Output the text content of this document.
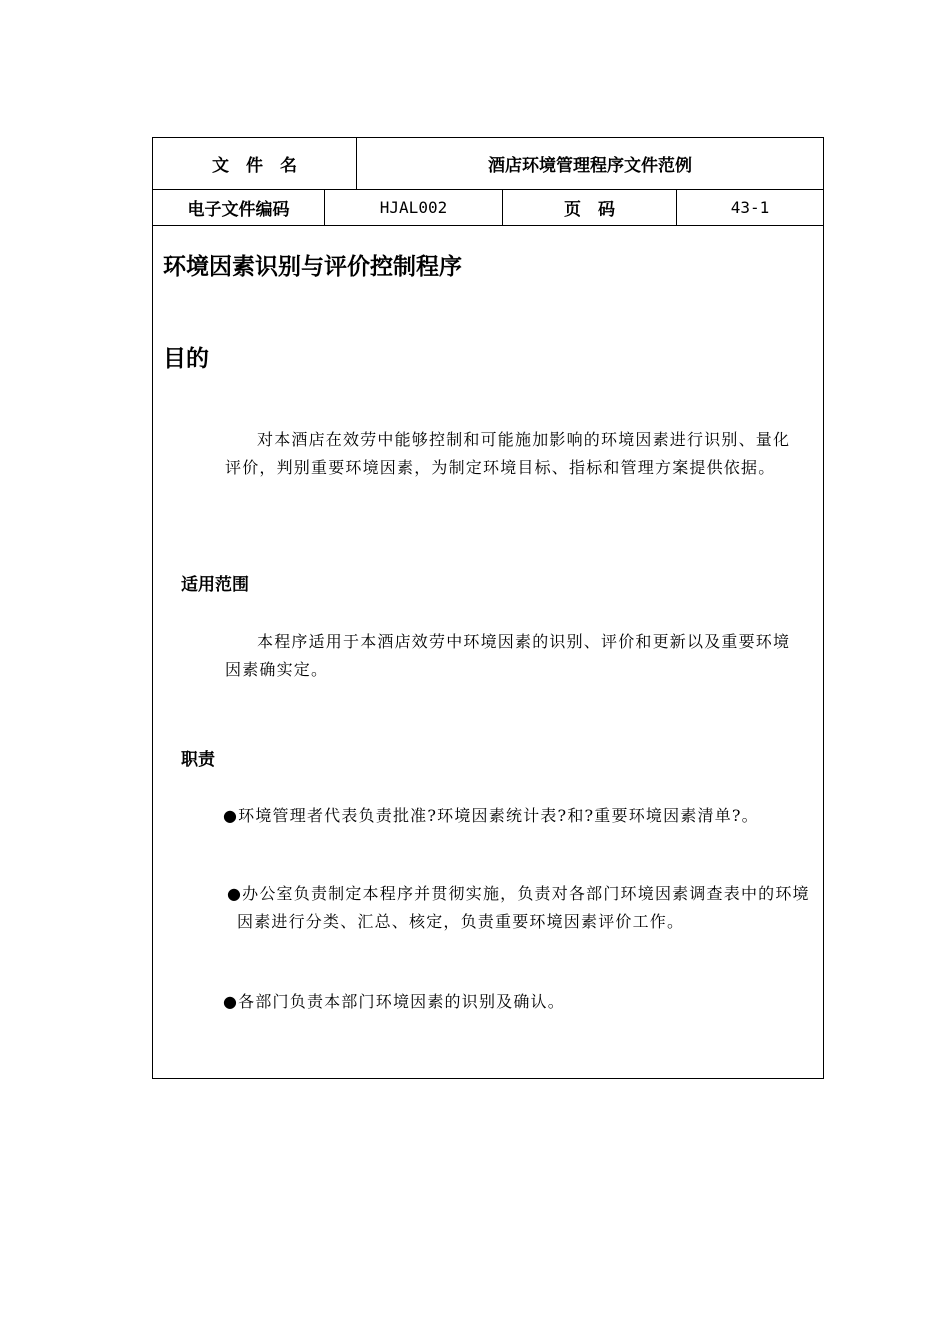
文　件　名	酒店环境管理程序文件范例
电子文件编码	HJAL002	页　码	43-1
环境因素识别与评价控制程序
目的
对本酒店在效劳中能够控制和可能施加影响的环境因素进行识别、量化评价，判别重要环境因素，为制定环境目标、指标和管理方案提供依据。
适用范围
本程序适用于本酒店效劳中环境因素的识别、评价和更新以及重要环境因素确实定。
职责
●环境管理者代表负责批准?环境因素统计表?和?重要环境因素清单?。
●办公室负责制定本程序并贯彻实施，负责对各部门环境因素调查表中的环境因素进行分类、汇总、核定，负责重要环境因素评价工作。
●各部门负责本部门环境因素的识别及确认。
